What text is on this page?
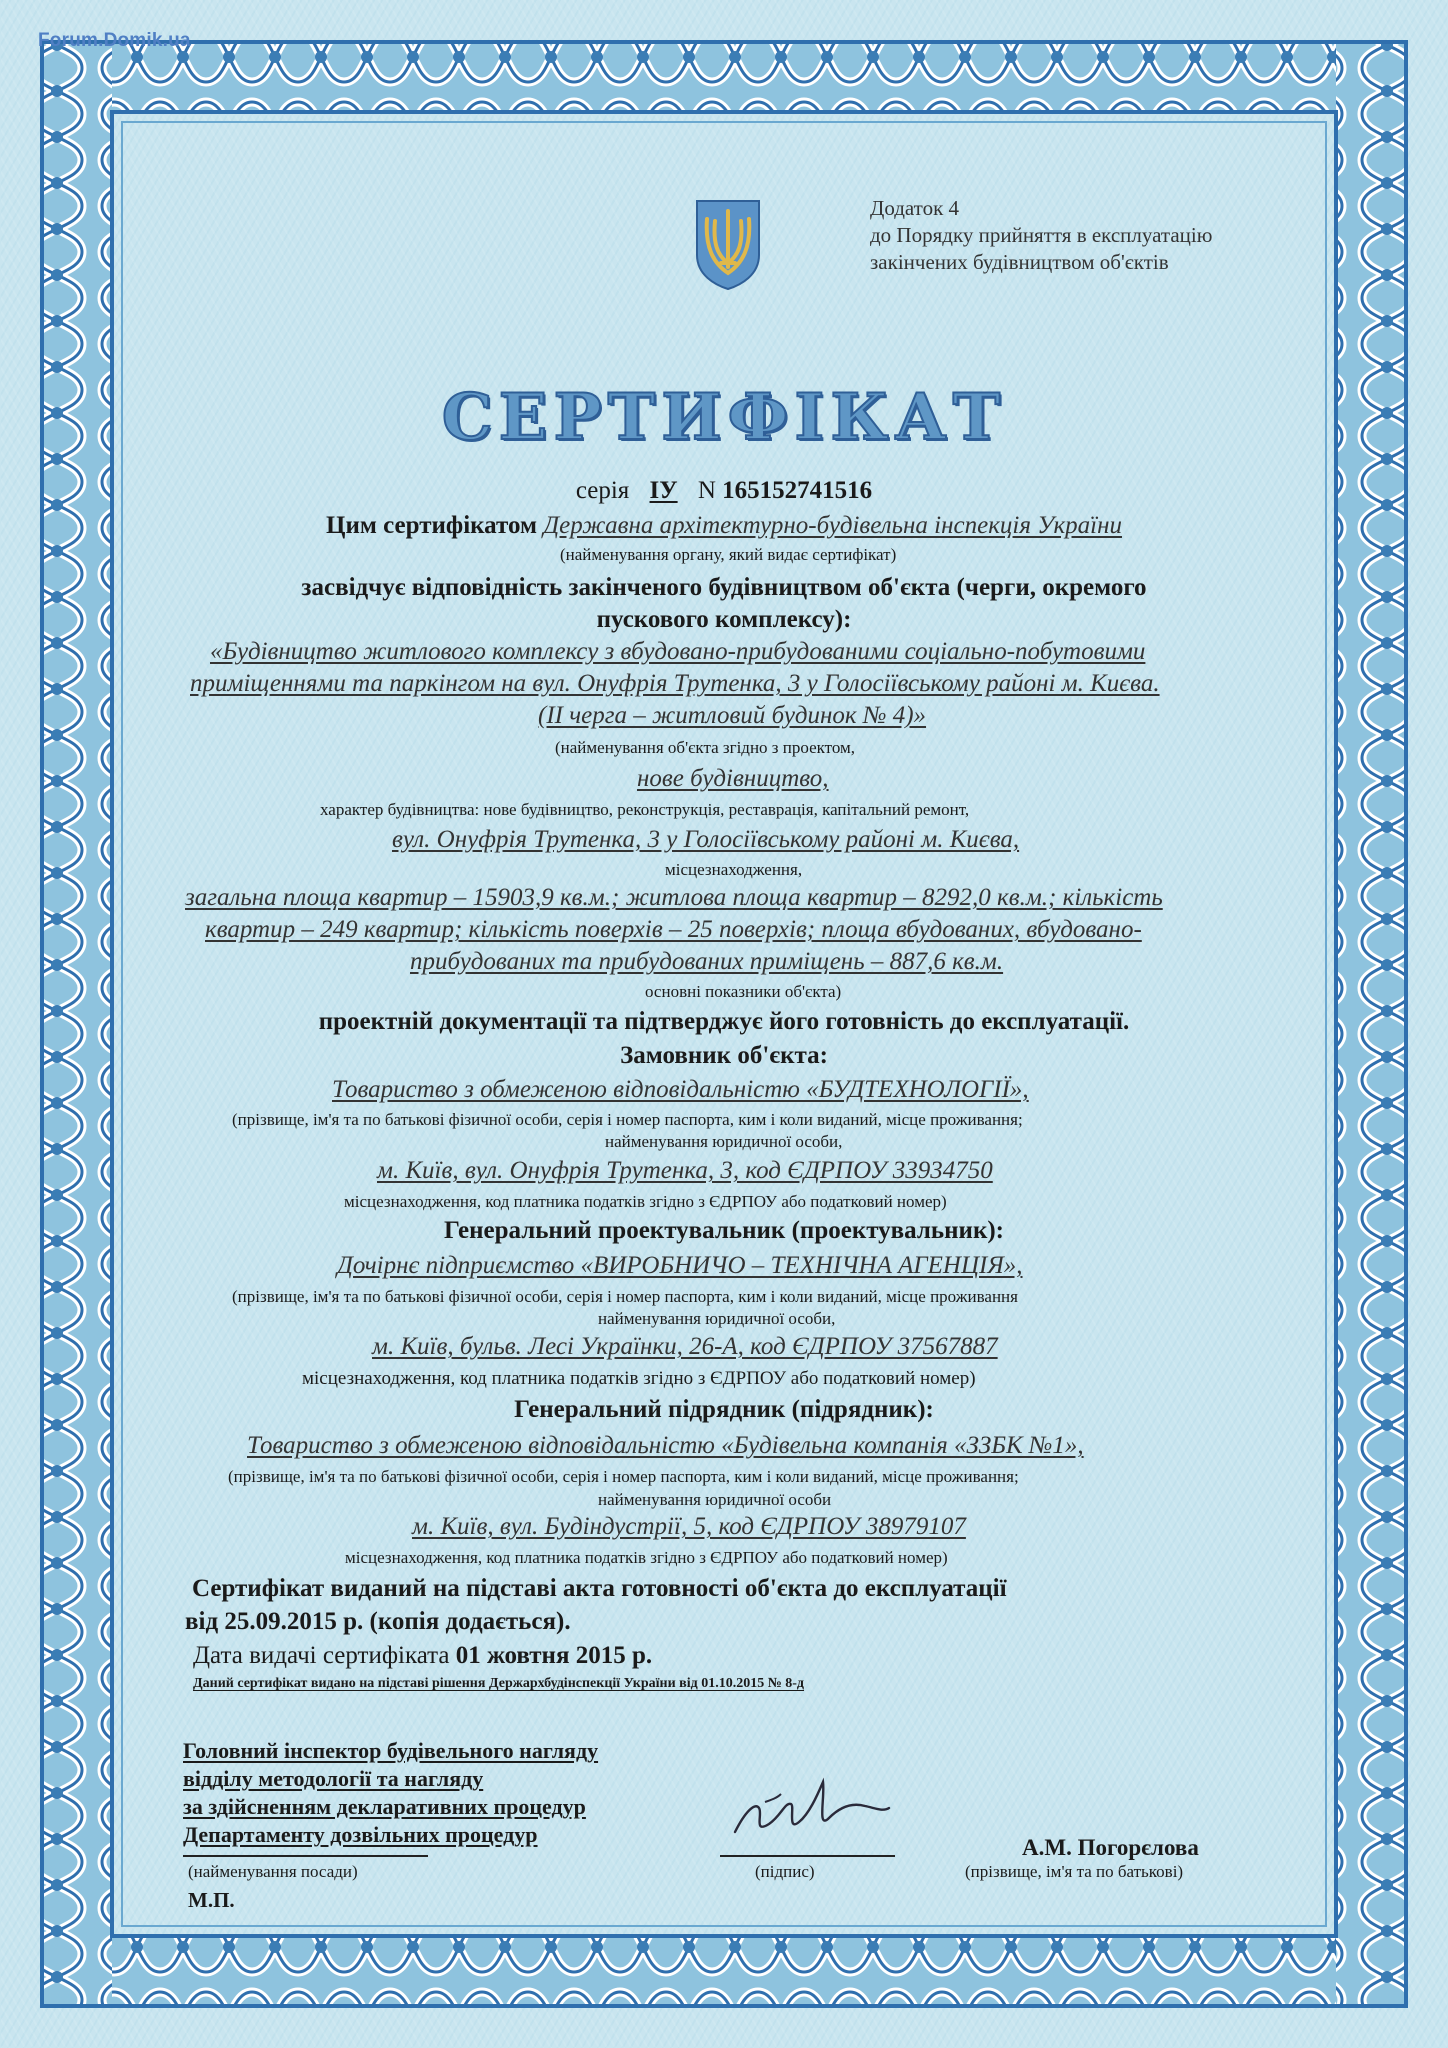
Forum.Domik.ua
Додаток 4
до Порядку прийняття в експлуатацію
закінчених будівництвом об'єктів
СЕРТИФІКАТ
серія IУ N 165152741516
Цим сертифікатом Державна архітектурно-будівельна інспекція України
(найменування органу, який видає сертифікат)
засвідчує відповідність закінченого будівництвом об'єкта (черги, окремого
пускового комплексу):
«Будівництво житлового комплексу з вбудовано-прибудованими соціально-побутовими
приміщеннями та паркінгом на вул. Онуфрія Трутенка, 3 у Голосіївському районі м. Києва.
(II черга – житловий будинок № 4)»
(найменування об'єкта згідно з проектом,
нове будівництво,
характер будівництва: нове будівництво, реконструкція, реставрація, капітальний ремонт,
вул. Онуфрія Трутенка, 3 у Голосіївському районі м. Києва,
місцезнаходження,
загальна площа квартир – 15903,9 кв.м.; житлова площа квартир – 8292,0 кв.м.; кількість
квартир – 249 квартир; кількість поверхів – 25 поверхів; площа вбудованих, вбудовано-
прибудованих та прибудованих приміщень – 887,6 кв.м.
основні показники об'єкта)
проектній документації та підтверджує його готовність до експлуатації.
Замовник об'єкта:
Товариство з обмеженою відповідальністю «БУДТЕХНОЛОГІЇ»,
(прізвище, ім'я та по батькові фізичної особи, серія і номер паспорта, ким і коли виданий, місце проживання;
найменування юридичної особи,
м. Київ, вул. Онуфрія Трутенка, 3, код ЄДРПОУ 33934750
місцезнаходження, код платника податків згідно з ЄДРПОУ або податковий номер)
Генеральний проектувальник (проектувальник):
Дочірнє підприємство «ВИРОБНИЧО – ТЕХНІЧНА АГЕНЦІЯ»,
(прізвище, ім'я та по батькові фізичної особи, серія і номер паспорта, ким і коли виданий, місце проживання
найменування юридичної особи,
м. Київ, бульв. Лесі Українки, 26-А, код ЄДРПОУ 37567887
місцезнаходження, код платника податків згідно з ЄДРПОУ або податковий номер)
Генеральний підрядник (підрядник):
Товариство з обмеженою відповідальністю «Будівельна компанія «ЗЗБК №1»,
(прізвище, ім'я та по батькові фізичної особи, серія і номер паспорта, ким і коли виданий, місце проживання;
найменування юридичної особи
м. Київ, вул. Будіндустрії, 5, код ЄДРПОУ 38979107
місцезнаходження, код платника податків згідно з ЄДРПОУ або податковий номер)
Сертифікат виданий на підставі акта готовності об'єкта до експлуатації
від 25.09.2015 р. (копія додається).
Дата видачі сертифіката 01 жовтня 2015 р.
Даний сертифікат видано на підставі рішення Держархбудінспекції України від 01.10.2015 № 8-д
Головний інспектор будівельного нагляду
відділу методології та нагляду
за здійсненням декларативних процедур
Департаменту дозвільних процедур
(найменування посади)	(підпис)
А.М. Погорєлова
(прізвище, ім'я та по батькові)
М.П.
